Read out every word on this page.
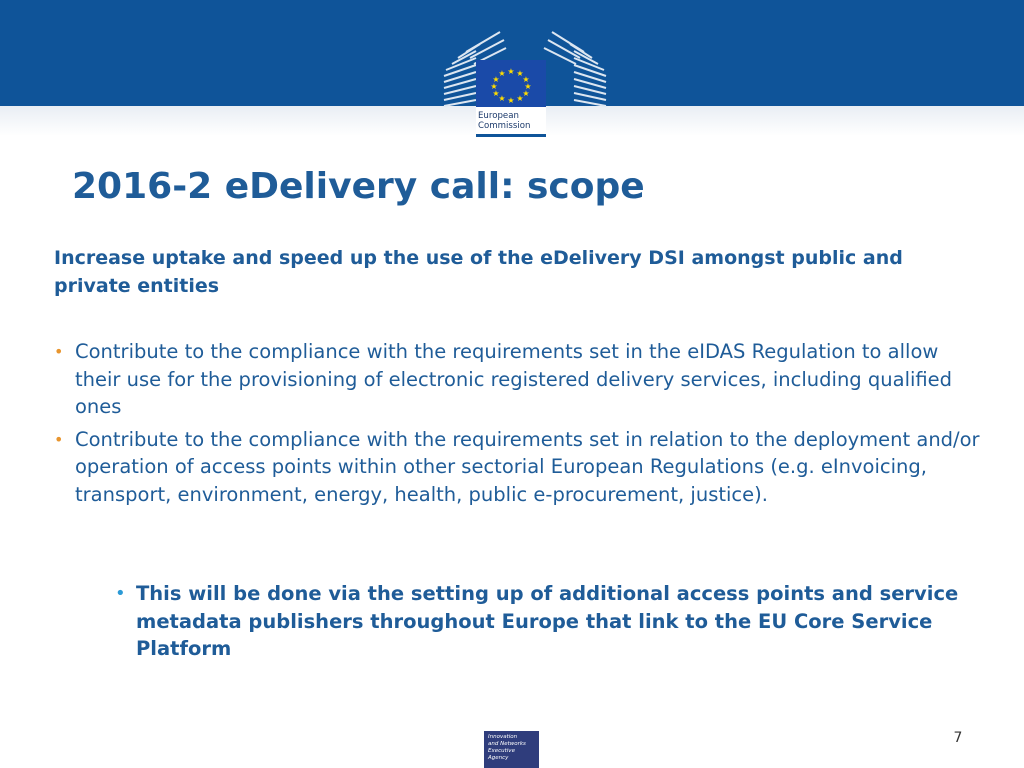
★ ★
★
★
★
★
★
★
★
★
★
★
European
Commission
2016-2 eDelivery call: scope

Increase uptake and speed up the use of the eDelivery DSI amongst public and private entities

• Contribute to the compliance with the requirements set in the eIDAS Regulation to allow their use for the provisioning of electronic registered delivery services, including qualified ones
• Contribute to the compliance with the requirements set in relation to the deployment and/or operation of access points within other sectorial European Regulations (e.g. eInvoicing, transport, environment, energy, health, public e-procurement, justice).
• This will be done via the setting up of additional access points and service metadata publishers throughout Europe that link to the EU Core Service Platform
Innovation
and Networks
Executive Agency
7
